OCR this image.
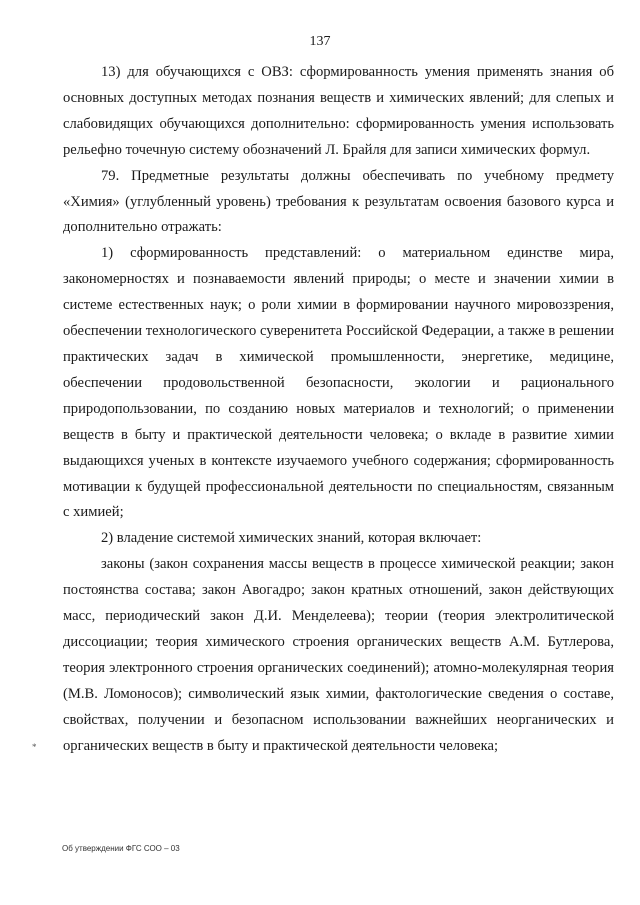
137

13) для обучающихся с ОВЗ: сформированность умения применять знания об основных доступных методах познания веществ и химических явлений; для слепых и слабовидящих обучающихся дополнительно: сформированность умения использовать рельефно точечную систему обозначений Л. Брайля для записи химических формул.

79. Предметные результаты должны обеспечивать по учебному предмету «Химия» (углубленный уровень) требования к результатам освоения базового курса и дополнительно отражать:

1) сформированность представлений: о материальном единстве мира, закономерностях и познаваемости явлений природы; о месте и значении химии в системе естественных наук; о роли химии в формировании научного мировоззрения, обеспечении технологического суверенитета Российской Федерации, а также в решении практических задач в химической промышленности, энергетике, медицине, обеспечении продовольственной безопасности, экологии и рационального природопользовании, по созданию новых материалов и технологий; о применении веществ в быту и практической деятельности человека; о вкладе в развитие химии выдающихся ученых в контексте изучаемого учебного содержания; сформированность мотивации к будущей профессиональной деятельности по специальностям, связанным с химией;

2) владение системой химических знаний, которая включает:

законы (закон сохранения массы веществ в процессе химической реакции; закон постоянства состава; закон Авогадро; закон кратных отношений, закон действующих масс, периодический закон Д.И. Менделеева); теории (теория электролитической диссоциации; теория химического строения органических веществ А.М. Бутлерова, теория электронного строения органических соединений); атомно-молекулярная теория (М.В. Ломоносов); символический язык химии, фактологические сведения о составе, свойствах, получении и безопасном использовании важнейших неорганических и органических веществ в быту и практической деятельности человека;

*
Об утверждении ФГС СОО – 03
